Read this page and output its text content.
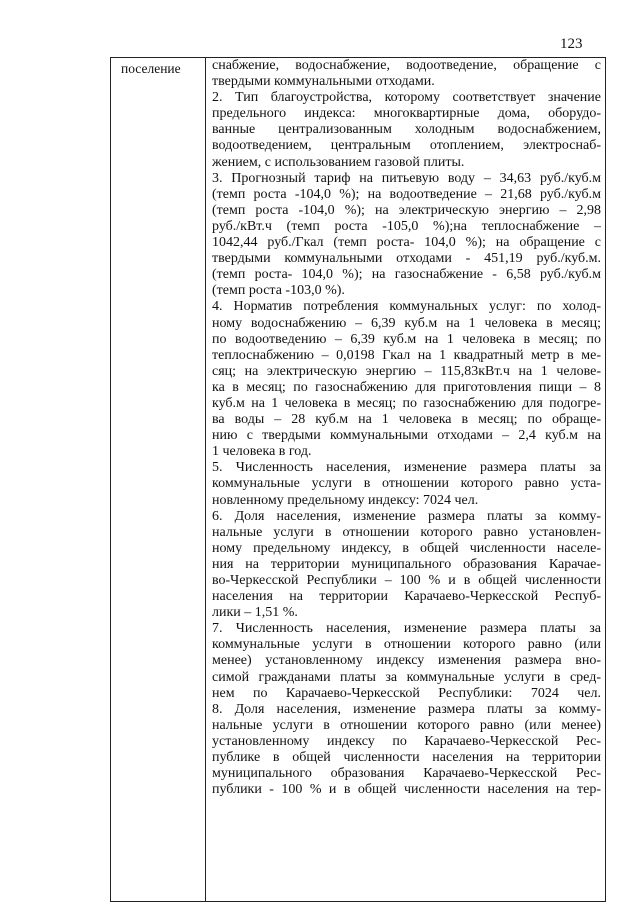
123
поселение	снабжение, водоснабжение, водоотведение, обращение с
твердыми коммунальными отходами.
2. Тип благоустройства, которому соответствует значение
предельного индекса: многоквартирные дома, оборудо-
ванные централизованным холодным водоснабжением,
водоотведением, центральным отоплением, электроснаб-
жением, с использованием газовой плиты.
3. Прогнозный тариф на питьевую воду – 34,63 руб./куб.м
(темп роста -104,0 %); на водоотведение – 21,68 руб./куб.м
(темп роста -104,0 %); на электрическую энергию – 2,98
руб./кВт.ч (темп роста -105,0 %);на теплоснабжение –
1042,44 руб./Гкал (темп роста- 104,0 %); на обращение с
твердыми коммунальными отходами - 451,19 руб./куб.м.
(темп роста- 104,0 %); на газоснабжение - 6,58 руб./куб.м
(темп роста -103,0 %).
4. Норматив потребления коммунальных услуг: по холод-
ному водоснабжению – 6,39 куб.м на 1 человека в месяц;
по водоотведению – 6,39 куб.м на 1 человека в месяц; по
теплоснабжению – 0,0198 Гкал на 1 квадратный метр в ме-
сяц; на электрическую энергию – 115,83кВт.ч на 1 челове-
ка в месяц; по газоснабжению для приготовления пищи – 8
куб.м на 1 человека в месяц; по газоснабжению для подогре-
ва воды – 28 куб.м на 1 человека в месяц; по обраще-
нию с твердыми коммунальными отходами – 2,4 куб.м на
1 человека в год.
5. Численность населения, изменение размера платы за
коммунальные услуги в отношении которого равно уста-
новленному предельному индексу: 7024 чел.
6. Доля населения, изменение размера платы за комму-
нальные услуги в отношении которого равно установлен-
ному предельному индексу, в общей численности населе-
ния на территории муниципального образования Карачае-
во-Черкесской Республики – 100 % и в общей численности
населения на территории Карачаево-Черкесской Респуб-
лики – 1,51 %.
7. Численность населения, изменение размера платы за
коммунальные услуги в отношении которого равно (или
менее) установленному индексу изменения размера вно-
симой гражданами платы за коммунальные услуги в сред-
нем по Карачаево-Черкесской Республики: 7024 чел.
8. Доля населения, изменение размера платы за комму-
нальные услуги в отношении которого равно (или менее)
установленному индексу по Карачаево-Черкесской Рес-
публике в общей численности населения на территории
муниципального образования Карачаево-Черкесской Рес-
публики - 100 % и в общей численности населения на тер-
